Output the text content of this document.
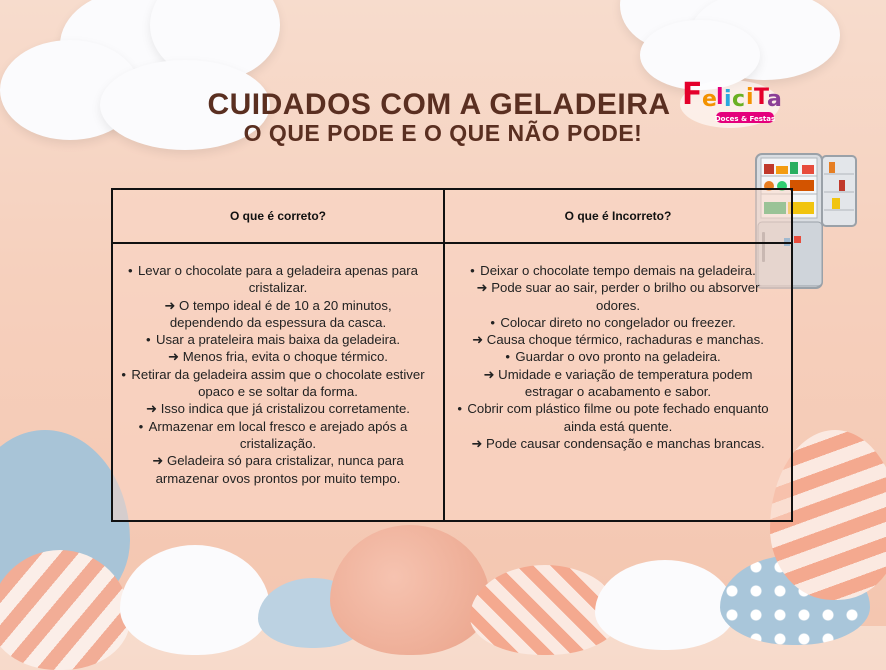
CUIDADOS COM A GELADEIRA
O QUE PODE E O QUE NÃO PODE!
F e l i c i T
a
Doces & Festas
O que é correto?	O que é Incorreto?
• Levar o chocolate para a geladeira apenas para cristalizar.
➜ O tempo ideal é de 10 a 20 minutos, dependendo da espessura da casca.
• Usar a prateleira mais baixa da geladeira.
➜ Menos fria, evita o choque térmico.
• Retirar da geladeira assim que o chocolate estiver opaco e se soltar da forma.
➜ Isso indica que já cristalizou corretamente.
• Armazenar em local fresco e arejado após a cristalização.
➜ Geladeira só para cristalizar, nunca para armazenar ovos prontos por muito tempo.
• Deixar o chocolate tempo demais na geladeira.
➜ Pode suar ao sair, perder o brilho ou absorver odores.
• Colocar direto no congelador ou freezer.
➜ Causa choque térmico, rachaduras e manchas.
• Guardar o ovo pronto na geladeira.
➜ Umidade e variação de temperatura podem estragar o acabamento e sabor.
• Cobrir com plástico filme ou pote fechado enquanto ainda está quente.
➜ Pode causar condensação e manchas brancas.
